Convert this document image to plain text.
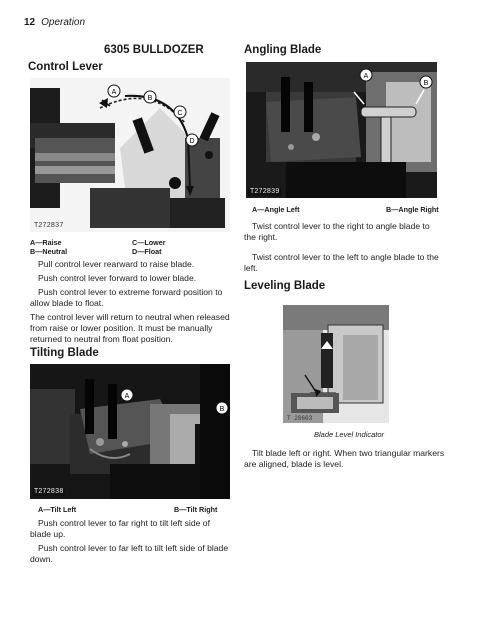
12 Operation
6305 BULLDOZER
Control Lever
A
B
C
D
T272837
A—Raise
B—Neutral
C—Lower
D—Float
Pull control lever rearward to raise blade.
Push control lever forward to lower blade.
Push control lever to extreme forward position to allow blade to float.
The control lever will return to neutral when released from raise or lower position. It must be manually returned to neutral from float position.
Tilting Blade
A
B
T272838
A—Tilt Left	B—Tilt Right
Push control lever to far right to tilt left side of blade up.
Push control lever to far left to tilt left side of blade down.
Angling Blade
A
B
T272839
A—Angle Left	B—Angle Right
Twist control lever to the right to angle blade to the right.
Twist control lever to the left to angle blade to the left.
Leveling Blade
T 28603
Blade Level Indicator
Tilt blade left or right. When two triangular markers are aligned, blade is level.
